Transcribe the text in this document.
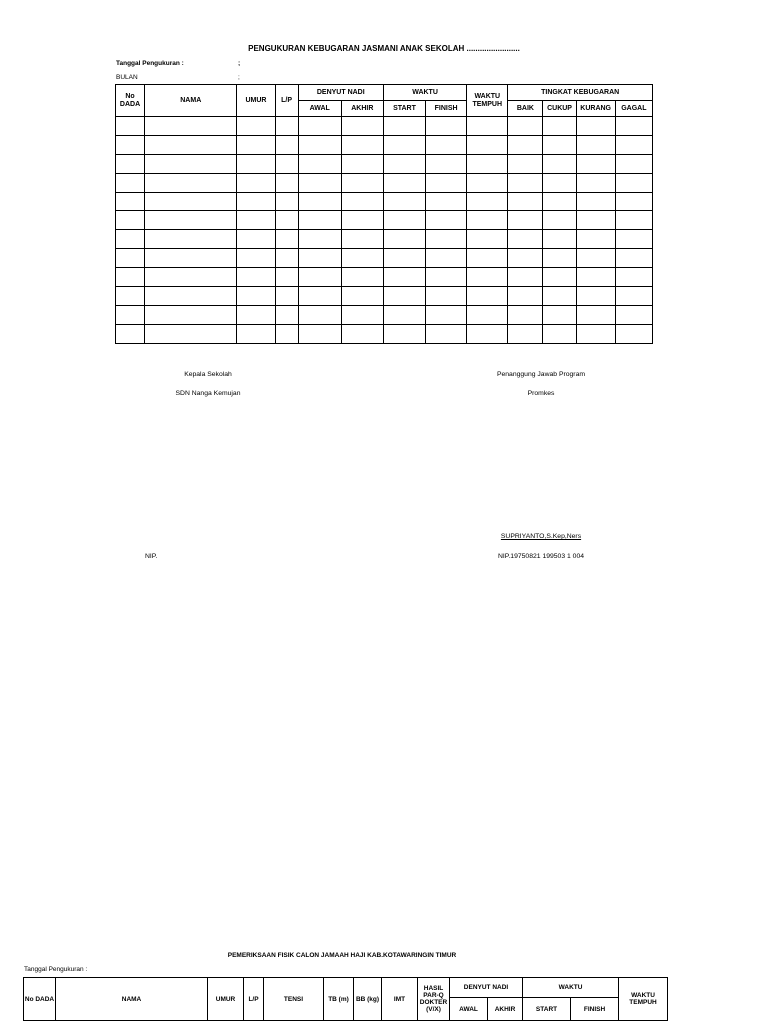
PENGUKURAN KEBUGARAN JASMANI ANAK SEKOLAH ........................
Tanggal Pengukuran :	;
BULAN	;
No DADA	NAMA	UMUR	L/P	DENYUT NADI		WAKTU		WAKTU TEMPUH	TINGKAT KEBUGARAN			
				AWAL	AKHIR	START	FINISH		BAIK	CUKUP	KURANG	GAGAL

Kepala Sekolah
SDN Nanga Kemujan
Penanggung Jawab Program
Promkes
SUPRIYANTO,S.Kep,Ners
NIP.	NIP.19750821 199503 1 004
PEMERIKSAAN FISIK CALON JAMAAH HAJI KAB.KOTAWARINGIN TIMUR
Tanggal Pengukuran :
No DADA	NAMA	UMUR	L/P	TENSI	TB (m)	BB (kg)	IMT	HASIL PAR-Q DOKTER (V/X)	DENYUT NADI		WAKTU		WAKTU TEMPUH
									AWAL	AKHIR	START	FINISH	
